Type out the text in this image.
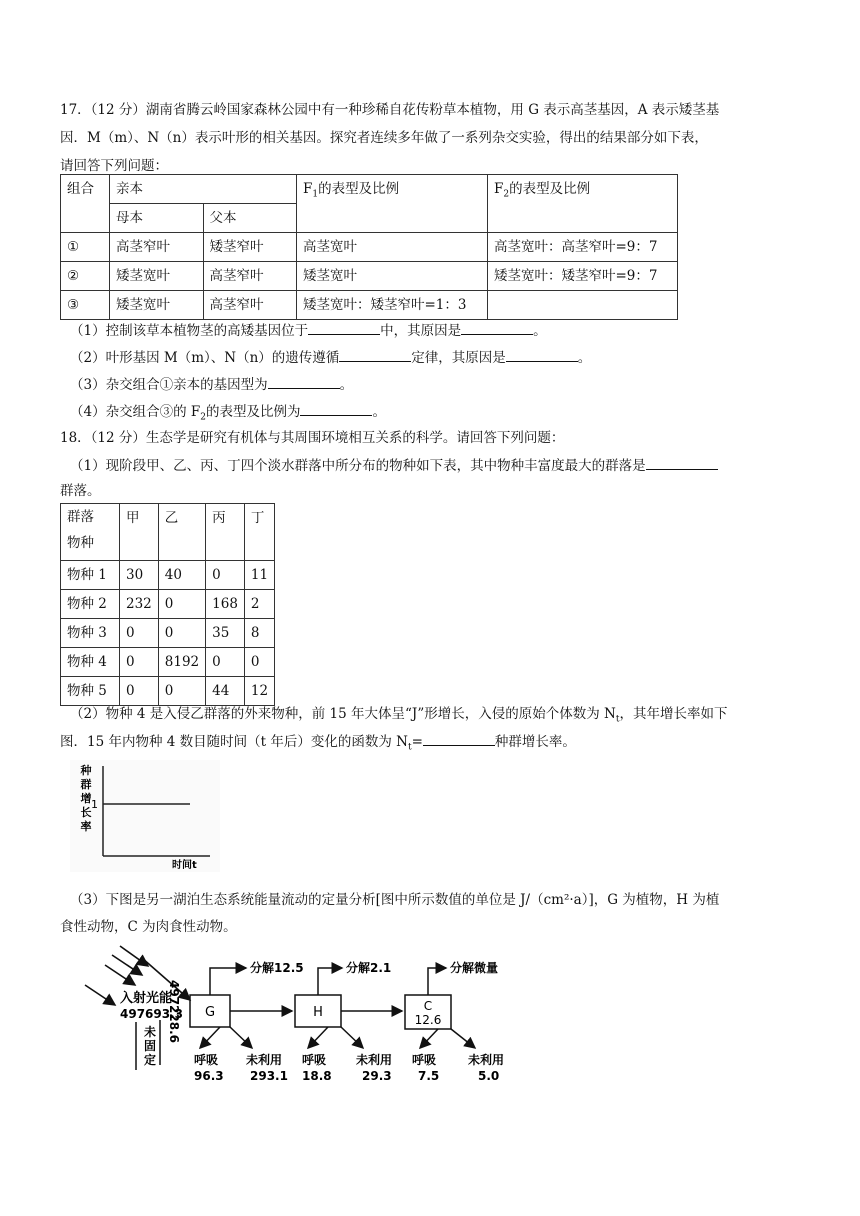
17．（12 分）湖南省腾云岭国家森林公园中有一种珍稀自花传粉草本植物，用 G 表示高茎基因，A 表示矮茎基
因．M（m）、N（n）表示叶形的相关基因。探究者连续多年做了一系列杂交实验，得出的结果部分如下表，
请回答下列问题：
组合	亲本		$F_1$的表型及比例	$F_2$的表型及比例
	母本	父本		
①	高茎窄叶	矮茎窄叶	高茎宽叶	高茎宽叶：高茎窄叶=9：7
②	矮茎宽叶	高茎窄叶	矮茎宽叶	矮茎宽叶：矮茎窄叶=9：7
③	矮茎宽叶	高茎窄叶	矮茎宽叶：矮茎窄叶=1：3	
（1）控制该草本植物茎的高矮基因位于	中，其原因是	。
（2）叶形基因 M（m）、N（n）的遗传遵循	定律，其原因是	。
（3）杂交组合①亲本的基因型为	。
（4）杂交组合③的 $F_2$的表型及比例为	。
18．（12 分）生态学是研究有机体与其周围环境相互关系的科学。请回答下列问题：
（1）现阶段甲、乙、丙、丁四个淡水群落中所分布的物种如下表，其中物种丰富度最大的群落是
群落。
群落
物种	甲	乙	丙	丁
物种 1	30	40	0	11
物种 2	232	0	168	2
物种 3	0	0	35	8
物种 4	0	8192	0	0
物种 5	0	0	44	12
（2）物种 4 是入侵乙群落的外来物种，前 15 年大体呈“J”形增长，入侵的原始个体数为 $N_t$，其年增长率如下
图．15 年内物种 4 数目随时间（t 年后）变化的函数为 $N_t=$	种群增长率。
种
群
增
长
率
1
时间t
（3）下图是另一湖泊生态系统能量流动的定量分析[图中所示数值的单位是 J/（cm²·a）]，G 为植物，H 为植
食性动物，C 为肉食性动物。
入射光能
497693.3
497228.6
未
固
定
G
分解12.5
呼吸
96.3
未利用
293.1
H
分解2.1
呼吸
18.8
未利用
29.3
C
12.6
分解微量
呼吸
7.5
未利用
5.0
